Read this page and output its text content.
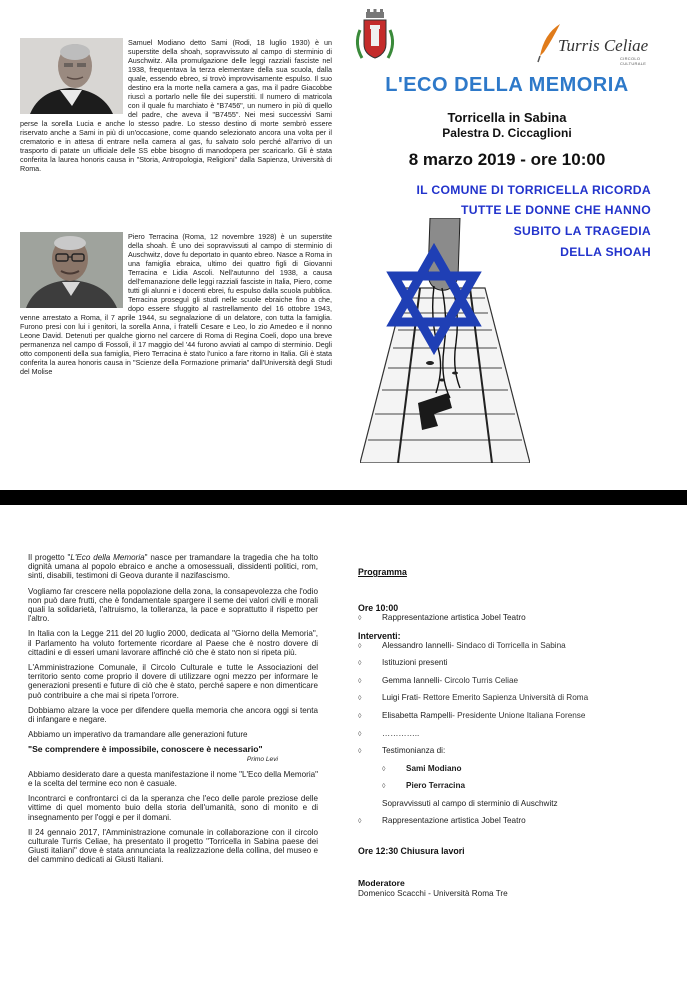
Samuel Modiano detto Sami (Rodi, 18 luglio 1930) è un superstite della shoah, sopravvissuto al campo di sterminio di Auschwitz. Alla promulgazione delle leggi razziali fasciste nel 1938, frequentava la terza elementare della sua scuola, dalla quale, essendo ebreo, si trovò improvvisamente espulso. Il suo destino era la morte nella camera a gas, ma il padre Giacobbe riuscì a portarlo nelle file dei superstiti. Il numero di matricola con il quale fu marchiato è "B7456", un numero in più di quello del padre, che aveva il "B7455". Nei mesi successivi Sami perse la sorella Lucia e anche lo stesso padre. Lo stesso destino di morte sembrò essere riservato anche a Sami in più di un'occasione, come quando selezionato ancora una volta per il crematorio e in attesa di entrare nella camera al gas, fu salvato solo perché all'arrivo di un trasporto di patate un ufficiale delle SS ebbe bisogno di manodopera per scaricarlo. Gli è stata conferita la laurea honoris causa in "Storia, Antropologia, Religioni" dalla Sapienza, Università di Roma.
Piero Terracina (Roma, 12 novembre 1928) è un superstite della shoah. È uno dei sopravvissuti al campo di sterminio di Auschwitz, dove fu deportato in quanto ebreo. Nasce a Roma in una famiglia ebraica, ultimo dei quattro figli di Giovanni Terracina e Lidia Ascoli. Nell'autunno del 1938, a causa dell'emanazione delle leggi razziali fasciste in Italia, Piero, come tutti gli alunni e i docenti ebrei, fu espulso dalla scuola pubblica. Terracina proseguì gli studi nelle scuole ebraiche fino a che, dopo essere sfuggito al rastrellamento del 16 ottobre 1943, venne arrestato a Roma, il 7 aprile 1944, su segnalazione di un delatore, con tutta la famiglia. Furono presi con lui i genitori, la sorella Anna, i fratelli Cesare e Leo, lo zio Amedeo e il nonno Leone David. Detenuti per qualche giorno nel carcere di Roma di Regina Coeli, dopo una breve permanenza nel campo di Fossoli, il 17 maggio del '44 furono avviati al campo di sterminio. Degli otto componenti della sua famiglia, Piero Terracina è stato l'unico a fare ritorno in Italia. Gli è stata conferita la aurea honoris causa in "Scienze della Formazione primaria" dall'Università degli Studi del Molise
Turris Celiae
CIRCOLO CULTURALE
L'ECO DELLA MEMORIA
Torricella in Sabina
Palestra D. Ciccaglioni
8 marzo 2019 - ore 10:00
IL COMUNE DI TORRICELLA RICORDA
TUTTE LE DONNE CHE HANNO
SUBITO LA TRAGEDIA
DELLA SHOAH

Il progetto "L'Eco della Memoria" nasce per tramandare la tragedia che ha tolto dignità umana al popolo ebraico e anche a omosessuali, dissidenti politici, rom, sinti, disabili, testimoni di Geova durante il nazifascismo.

Vogliamo far crescere nella popolazione della zona, la consapevolezza che l'odio non può dare frutti, che è fondamentale spargere il seme dei valori civili e morali quali la solidarietà, l'altruismo, la tolleranza, la pace e soprattutto il rispetto per l'altro.

In Italia con la Legge 211 del 20 luglio 2000, dedicata al "Giorno della Memoria", il Parlamento ha voluto fortemente ricordare al Paese che è nostro dovere di cittadini e di esseri umani lavorare affinché ciò che è stato non si ripeta più.

L'Amministrazione Comunale, il Circolo Culturale e tutte le Associazioni del territorio sento come proprio il dovere di utilizzare ogni mezzo per informare le generazioni presenti e future di ciò che è stato, perché sapere e non dimenticare può contribuire a che mai si ripeta l'orrore.

Dobbiamo alzare la voce per difendere quella memoria che ancora oggi si tenta di infangare e negare.

Abbiamo un imperativo da tramandare alle generazioni future

"Se comprendere è impossibile, conoscere è necessario"

Primo Levi

Abbiamo desiderato dare a questa manifestazione il nome "L'Eco della Memoria" e la scelta del termine eco non è casuale.

Incontrarci e confrontarci ci da la speranza che l'eco delle parole preziose delle vittime di quel momento buio della storia dell'umanità, sono di monito e di insegnamento per l'oggi e per il domani.

Il 24 gennaio 2017, l'Amministrazione comunale in collaborazione con il circolo culturale Turris Celiae, ha presentato il progetto "Torricella in Sabina paese dei Giusti italiani" dove è stata annunciata la realizzazione della collina, del museo e del cammino dedicati ai Giusti Italiani.

Programma
Ore 10:00
◊	Rappresentazione artistica Jobel Teatro
Interventi:
◊	Alessandro Iannelli - Sindaco di Torricella in Sabina
◊	Istituzioni presenti
◊	Gemma Iannelli - Circolo Turris Celiae
◊	Luigi Frati - Rettore Emerito Sapienza Università di Roma
◊	Elisabetta Rampelli - Presidente Unione Italiana Forense
◊	…………..
◊	Testimonianza di:
◊	Sami Modiano
◊	Piero Terracina
Sopravvissuti al campo di sterminio di Auschwitz
◊	Rappresentazione artistica Jobel Teatro
Ore 12:30 Chiusura lavori
Moderatore
Domenico Scacchi - Università Roma Tre
